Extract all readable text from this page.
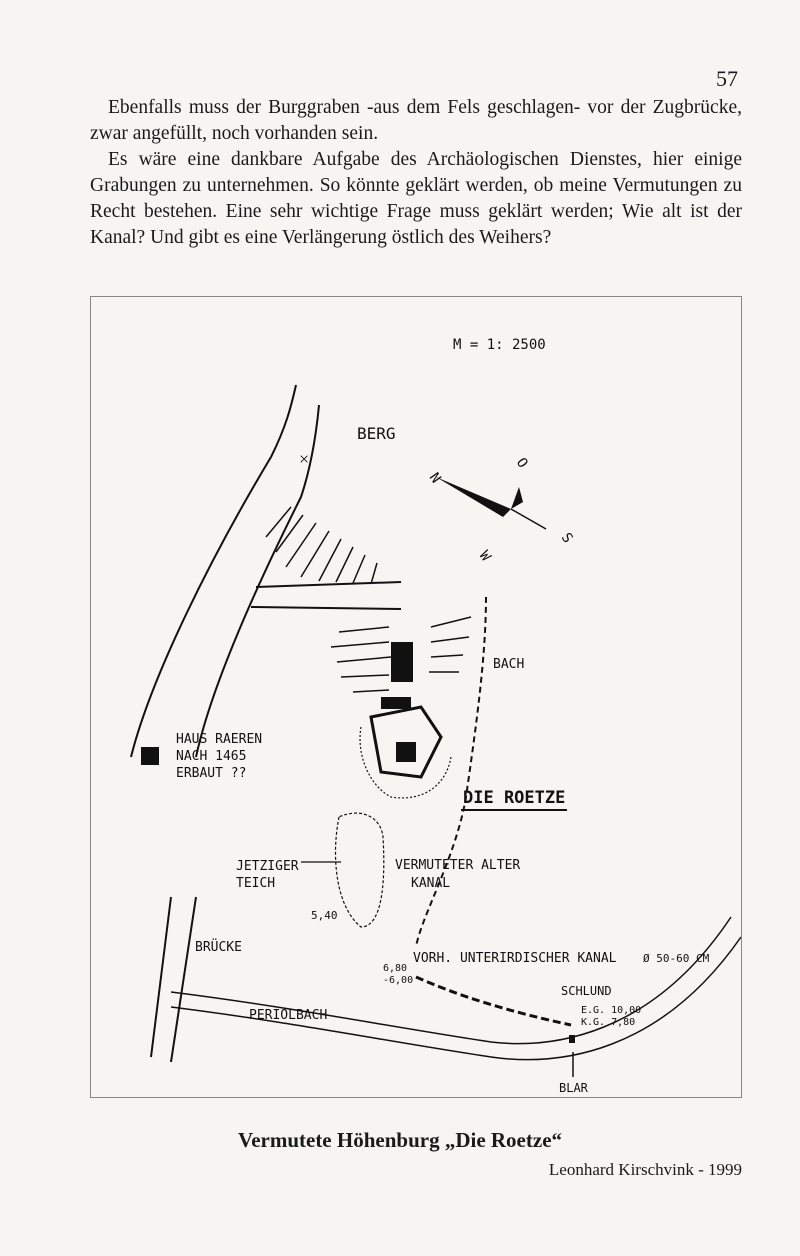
57

Ebenfalls muss der Burggraben -aus dem Fels geschlagen- vor der Zugbrücke, zwar angefüllt, noch vorhanden sein.

Es wäre eine dankbare Aufgabe des Archäologischen Dienstes, hier einige Grabungen zu unternehmen. So könnte geklärt werden, ob meine Vermutungen zu Recht bestehen. Eine sehr wichtige Frage muss geklärt werden; Wie alt ist der Kanal? Und gibt es eine Verlängerung östlich des Weihers?

M = 1: 2500
BERG
×
N
O
S
W
BACH
HAUS RAEREN
NACH 1465
ERBAUT ??
DIE ROETZE
JETZIGER
TEICH
VERMUTETER ALTER
KANAL
5,40
6,80
-6,00
VORH. UNTERIRDISCHER KANAL Ø 50-60 CM
PERIOLBACH
BRÜCKE
SCHLUND
E.G. 10,00
K.G. 7,80
BLAR
Vermutete Höhenburg „Die Roetze“
Leonhard Kirschvink - 1999
